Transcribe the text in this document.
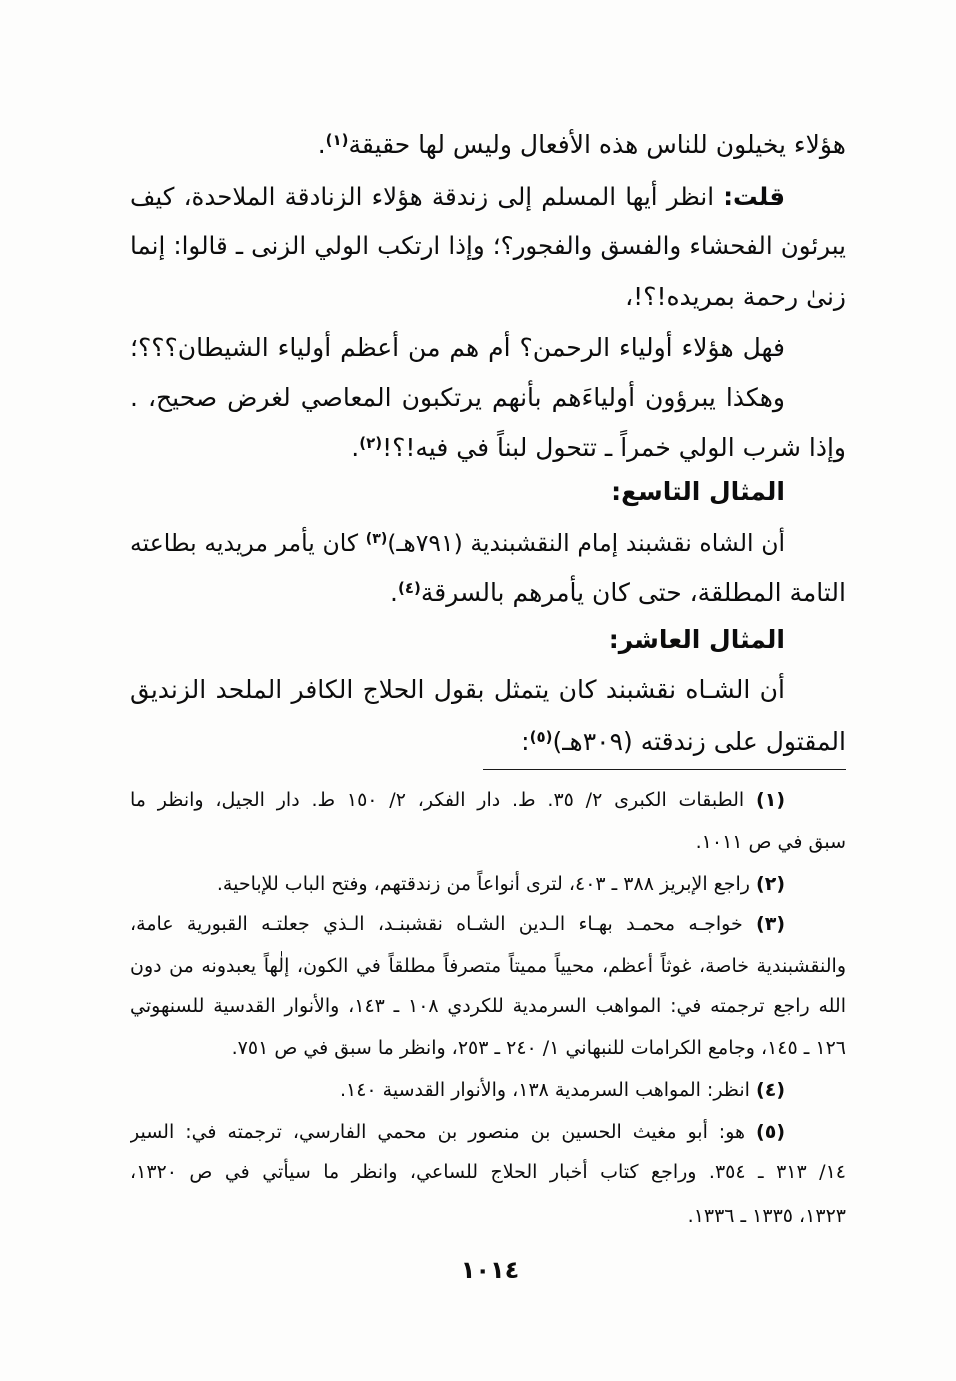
هؤلاء يخيلون للناس هذه الأفعال وليس لها حقيقة$^{(١)}$.
قلت: انظر أيها المسلم إلى زندقة هؤلاء الزنادقة الملاحدة، كيف
يبرئون الفحشاء والفسق والفجور؟؛ وإذا ارتكب الولي الزنى ـ قالوا: إنما
زنىٰ رحمة بمريده!؟!،
فهل هؤلاء أولياء الرحمن؟ أم هم من أعظم أولياء الشيطان؟؟؟؛
وهكذا يبرؤون أولياءَهم بأنهم يرتكبون المعاصي لغرض صحيح، .
وإذا شرب الولي خمراً ـ تتحول لبناً في فيه!؟!$^{(٢)}$.
المثال التاسع:
أن الشاه نقشبند إمام النقشبندية (٧٩١هـ)$^{(٣)}$ كان يأمر مريديه بطاعته
التامة المطلقة، حتى كان يأمرهم بالسرقة$^{(٤)}$.
المثال العاشر:
أن الشـاه نقشبند كان يتمثل بقول الحلاج الكافر الملحد الزنديق
المقتول على زندقته (٣٠٩هـ)$^{(٥)}$:
(١) الطبقات الكبرى ٢/ ٣٥. ط. دار الفكر، ٢/ ١٥٠ ط. دار الجيل، وانظر ما
سبق في ص ١٠١١.
(٢) راجع الإبريز ٣٨٨ ـ ٤٠٣، لترى أنواعاً من زندقتهم، وفتح الباب للإباحية.
(٣) خواجـه محمـد بهـاء الـدين الشـاه نقشبنـد، الـذي جعلتـه القبورية عامة،
والنقشبندية خاصة، غوثاً أعظم، محيياً مميتاً متصرفاً مطلقاً في الكون، إلٰهاً يعبدونه من دون
الله راجع ترجمته في: المواهب السرمدية للكردي ١٠٨ ـ ١٤٣، والأنوار القدسية للسنهوتي
١٢٦ ـ ١٤٥، وجامع الكرامات للنبهاني ١/ ٢٤٠ ـ ٢٥٣، وانظر ما سبق في ص ٧٥١.
(٤) انظر: المواهب السرمدية ١٣٨، والأنوار القدسية ١٤٠.
(٥) هو: أبو مغيث الحسين بن منصور بن محمي الفارسي، ترجمته في: السير
١٤/ ٣١٣ ـ ٣٥٤. وراجع كتاب أخبار الحلاج للساعي، وانظر ما سيأتي في ص ١٣٢٠،
١٣٢٣، ١٣٣٥ ـ ١٣٣٦.
١٠١٤
